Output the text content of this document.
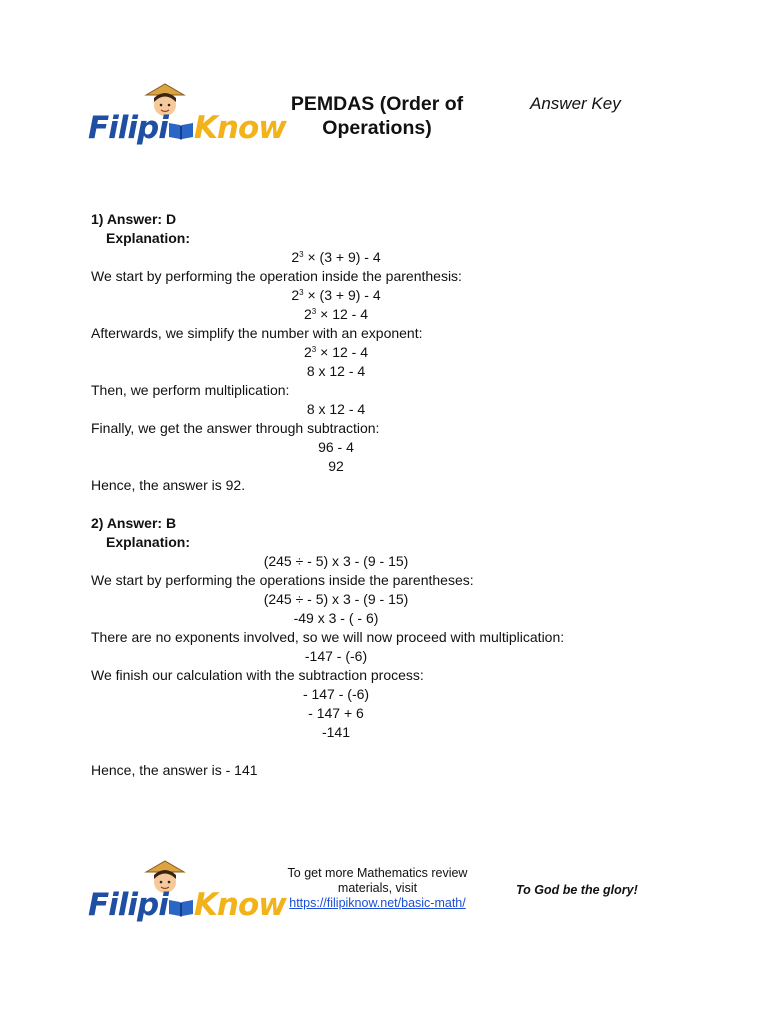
Filipi Know
PEMDAS (Order of
Operations)
Answer Key
1) Answer: D
Explanation:
$2^3 \times (3 + 9) - 4$
We start by performing the operation inside the parenthesis:
$2^3 \times (3 + 9) - 4$
$2^3 \times 12 - 4$
Afterwards, we simplify the number with an exponent:
$2^3 \times 12 - 4$
8 x 12 - 4
Then, we perform multiplication:
8 x 12 - 4
Finally, we get the answer through subtraction:
96 - 4
92
Hence, the answer is 92.
2) Answer: B
Explanation:
(245 ÷ - 5) x 3 - (9 - 15)
We start by performing the operations inside the parentheses:
(245 ÷ - 5) x 3 - (9 - 15)
-49 x 3 - ( - 6)
There are no exponents involved, so we will now proceed with multiplication:
-147 - (-6)
We finish our calculation with the subtraction process:
- 147 - (-6)
- 147 + 6
-141
Hence, the answer is - 141
Filipi Know
To get more Mathematics review
materials, visit
https://filipiknow.net/basic-math/
To God be the glory!
